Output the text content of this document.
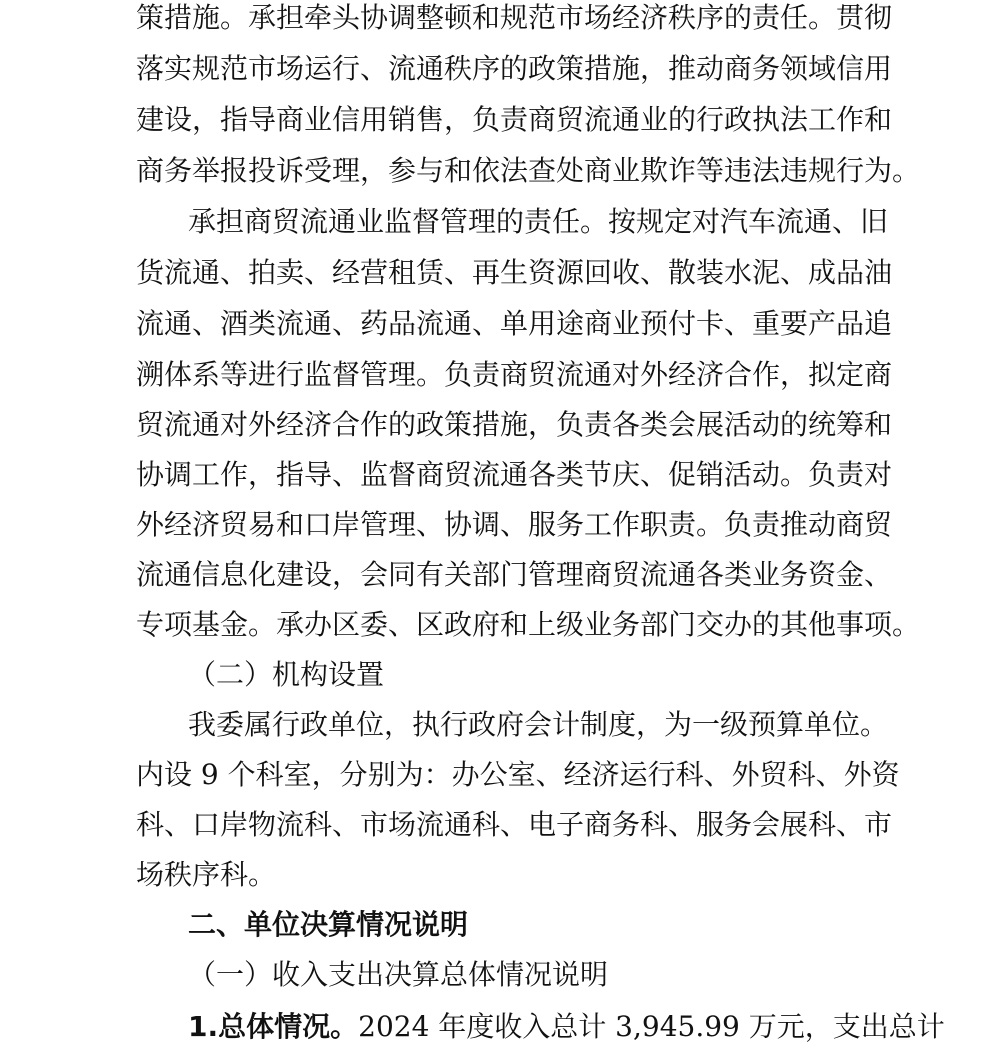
策措施。承担牵头协调整顿和规范市场经济秩序的责任。贯彻
落实规范市场运行、流通秩序的政策措施，推动商务领域信用
建设，指导商业信用销售，负责商贸流通业的行政执法工作和
商务举报投诉受理，参与和依法查处商业欺诈等违法违规行为。
承担商贸流通业监督管理的责任。按规定对汽车流通、旧
货流通、拍卖、经营租赁、再生资源回收、散装水泥、成品油
流通、酒类流通、药品流通、单用途商业预付卡、重要产品追
溯体系等进行监督管理。负责商贸流通对外经济合作，拟定商
贸流通对外经济合作的政策措施，负责各类会展活动的统筹和
协调工作，指导、监督商贸流通各类节庆、促销活动。负责对
外经济贸易和口岸管理、协调、服务工作职责。负责推动商贸
流通信息化建设，会同有关部门管理商贸流通各类业务资金、
专项基金。承办区委、区政府和上级业务部门交办的其他事项。
（二）机构设置
我委属行政单位，执行政府会计制度，为一级预算单位。
内设 9 个科室，分别为：办公室、经济运行科、外贸科、外资
科、口岸物流科、市场流通科、电子商务科、服务会展科、市
场秩序科。
二、单位决算情况说明
（一）收入支出决算总体情况说明
1.总体情况。2024 年度收入总计 3,945.99 万元，支出总计
